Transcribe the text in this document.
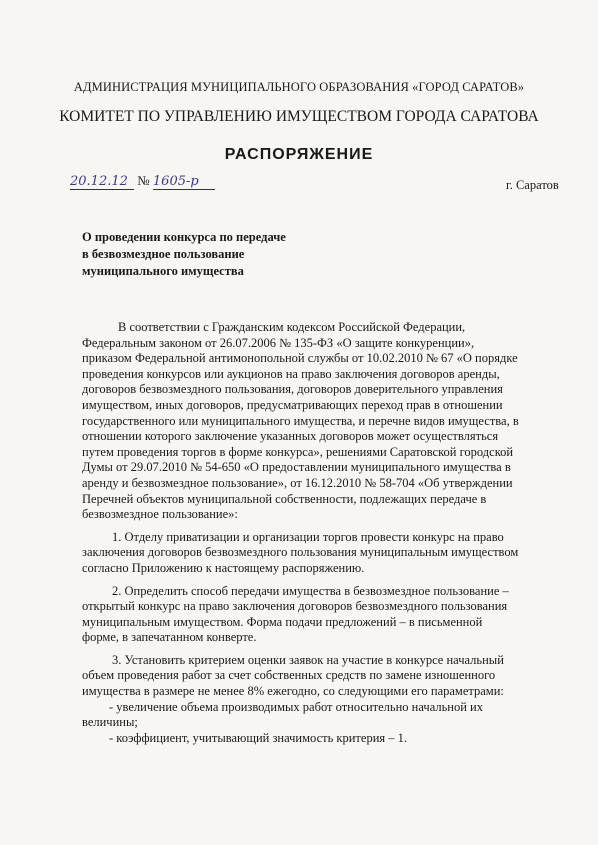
АДМИНИСТРАЦИЯ МУНИЦИПАЛЬНОГО ОБРАЗОВАНИЯ «ГОРОД САРАТОВ»
КОМИТЕТ ПО УПРАВЛЕНИЮ ИМУЩЕСТВОМ ГОРОДА САРАТОВА
РАСПОРЯЖЕНИЕ
20.12.12 № 1605-р	г. Саратов
О проведении конкурса по передаче
в безвозмездное пользование
муниципального имущества
В соответствии с Гражданским кодексом Российской Федерации,
Федеральным законом от 26.07.2006 № 135-ФЗ «О защите конкуренции»,
приказом Федеральной антимонопольной службы от 10.02.2010 № 67 «О порядке
проведения конкурсов или аукционов на право заключения договоров аренды,
договоров безвозмездного пользования, договоров доверительного управления
имуществом, иных договоров, предусматривающих переход прав в отношении
государственного или муниципального имущества, и перечне видов имущества, в
отношении которого заключение указанных договоров может осуществляться
путем проведения торгов в форме конкурса», решениями Саратовской городской
Думы от 29.07.2010 № 54-650 «О предоставлении муниципального имущества в
аренду и безвозмездное пользование», от 16.12.2010 № 58-704 «Об утверждении
Перечней объектов муниципальной собственности, подлежащих передаче в
безвозмездное пользование»:
1. Отделу приватизации и организации торгов провести конкурс на право
заключения договоров безвозмездного пользования муниципальным имуществом
согласно Приложению к настоящему распоряжению.
2. Определить способ передачи имущества в безвозмездное пользование –
открытый конкурс на право заключения договоров безвозмездного пользования
муниципальным имуществом. Форма подачи предложений – в письменной
форме, в запечатанном конверте.
3. Установить критерием оценки заявок на участие в конкурсе начальный
объем проведения работ за счет собственных средств по замене изношенного
имущества в размере не менее 8% ежегодно, со следующими его параметрами:
- увеличение объема производимых работ относительно начальной их
величины;
- коэффициент, учитывающий значимость критерия – 1.
